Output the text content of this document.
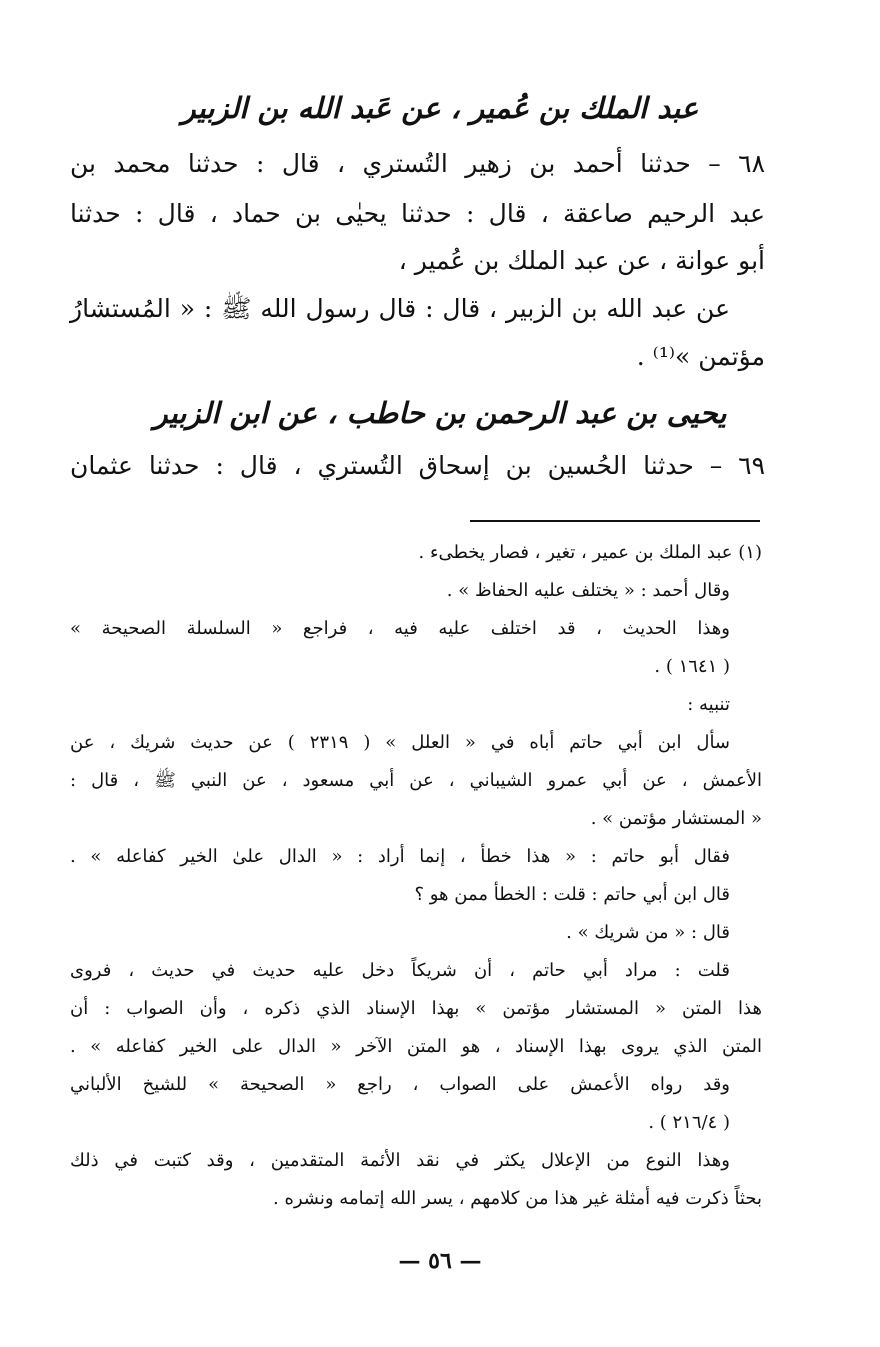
عبد الملك بن عُمير ، عن عَبد الله بن الزبير
٦٨ – حدثنا أحمد بن زهير التُستري ، قال : حدثنا محمد بن
عبد الرحيم صاعقة ، قال : حدثنا يحيٰى بن حماد ، قال : حدثنا
أبو عوانة ، عن عبد الملك بن عُمير ،
عن عبد الله بن الزبير ، قال : قال رسول الله ﷺ : « المُستشارُ
مؤتمن »⁽¹⁾ .
يحيى بن عبد الرحمن بن حاطب ، عن ابن الزبير
٦٩ – حدثنا الحُسين بن إسحاق التُستري ، قال : حدثنا عثمان
(١) عبد الملك بن عمير ، تغير ، فصار يخطىء .
وقال أحمد : « يختلف عليه الحفاظ » .
وهذا الحديث ، قد اختلف عليه فيه ، فراجع « السلسلة الصحيحة »
( ١٦٤١ ) .
تنبيه :
سأل ابن أبي حاتم أباه في « العلل » ( ٢٣١٩ ) عن حديث شريك ، عن
الأعمش ، عن أبي عمرو الشيباني ، عن أبي مسعود ، عن النبي ﷺ ، قال :
« المستشار مؤتمن » .
فقال أبو حاتم : « هذا خطأ ، إنما أراد : « الدال علىٰ الخير كفاعله » .
قال ابن أبي حاتم : قلت : الخطأ ممن هو ؟
قال : « من شريك » .
قلت : مراد أبي حاتم ، أن شريكاً دخل عليه حديث في حديث ، فروى
هذا المتن « المستشار مؤتمن » بهذا الإسناد الذي ذكره ، وأن الصواب : أن
المتن الذي يروى بهذا الإسناد ، هو المتن الآخر « الدال على الخير كفاعله » .
وقد رواه الأعمش على الصواب ، راجع « الصحيحة » للشيخ الألباني
( ٢١٦/٤ ) .
وهذا النوع من الإعلال يكثر في نقد الأئمة المتقدمين ، وقد كتبت في ذلك
بحثاً ذكرت فيه أمثلة غير هذا من كلامهم ، يسر الله إتمامه ونشره .
— ٥٦ —
